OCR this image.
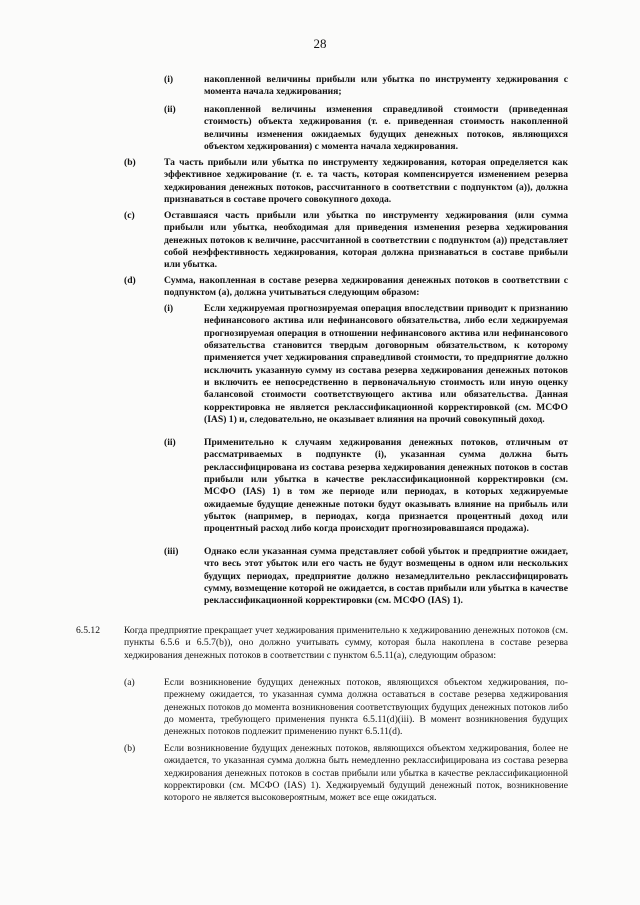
28
(i)	накопленной величины прибыли или убытка по инструменту хеджирования с момента начала хеджирования;
(ii)	накопленной величины изменения справедливой стоимости (приведенная стоимость) объекта хеджирования (т. е. приведенная стоимость накопленной величины изменения ожидаемых будущих денежных потоков, являющихся объектом хеджирования) с момента начала хеджирования.
(b)	Та часть прибыли или убытка по инструменту хеджирования, которая определяется как эффективное хеджирование (т. е. та часть, которая компенсируется изменением резерва хеджирования денежных потоков, рассчитанного в соответствии с подпунктом (a)), должна признаваться в составе прочего совокупного дохода.
(c)	Оставшаяся часть прибыли или убытка по инструменту хеджирования (или сумма прибыли или убытка, необходимая для приведения изменения резерва хеджирования денежных потоков к величине, рассчитанной в соответствии с подпунктом (a)) представляет собой неэффективность хеджирования, которая должна признаваться в составе прибыли или убытка.
(d)	Сумма, накопленная в составе резерва хеджирования денежных потоков в соответствии с подпунктом (a), должна учитываться следующим образом:
(i)	Если хеджируемая прогнозируемая операция впоследствии приводит к признанию нефинансового актива или нефинансового обязательства, либо если хеджируемая прогнозируемая операция в отношении нефинансового актива или нефинансового обязательства становится твердым договорным обязательством, к которому применяется учет хеджирования справедливой стоимости, то предприятие должно исключить указанную сумму из состава резерва хеджирования денежных потоков и включить ее непосредственно в первоначальную стоимость или иную оценку балансовой стоимости соответствующего актива или обязательства. Данная корректировка не является реклассификационной корректировкой (см. МСФО (IAS) 1) и, следовательно, не оказывает влияния на прочий совокупный доход.
(ii)	Применительно к случаям хеджирования денежных потоков, отличным от рассматриваемых в подпункте (i), указанная сумма должна быть реклассифицирована из состава резерва хеджирования денежных потоков в состав прибыли или убытка в качестве реклассификационной корректировки (см. МСФО (IAS) 1) в том же периоде или периодах, в которых хеджируемые ожидаемые будущие денежные потоки будут оказывать влияние на прибыль или убыток (например, в периодах, когда признается процентный доход или процентный расход либо когда происходит прогнозировавшаяся продажа).
(iii)	Однако если указанная сумма представляет собой убыток и предприятие ожидает, что весь этот убыток или его часть не будут возмещены в одном или нескольких будущих периодах, предприятие должно незамедлительно реклассифицировать сумму, возмещение которой не ожидается, в состав прибыли или убытка в качестве реклассификационной корректировки (см. МСФО (IAS) 1).
6.5.12	Когда предприятие прекращает учет хеджирования применительно к хеджированию денежных потоков (см. пункты 6.5.6 и 6.5.7(b)), оно должно учитывать сумму, которая была накоплена в составе резерва хеджирования денежных потоков в соответствии с пунктом 6.5.11(a), следующим образом:
(a)	Если возникновение будущих денежных потоков, являющихся объектом хеджирования, по-прежнему ожидается, то указанная сумма должна оставаться в составе резерва хеджирования денежных потоков до момента возникновения соответствующих будущих денежных потоков либо до момента, требующего применения пункта 6.5.11(d)(iii). В момент возникновения будущих денежных потоков подлежит применению пункт 6.5.11(d).
(b)	Если возникновение будущих денежных потоков, являющихся объектом хеджирования, более не ожидается, то указанная сумма должна быть немедленно реклассифицирована из состава резерва хеджирования денежных потоков в состав прибыли или убытка в качестве реклассификационной корректировки (см. МСФО (IAS) 1). Хеджируемый будущий денежный поток, возникновение которого не является высоковероятным, может все еще ожидаться.
